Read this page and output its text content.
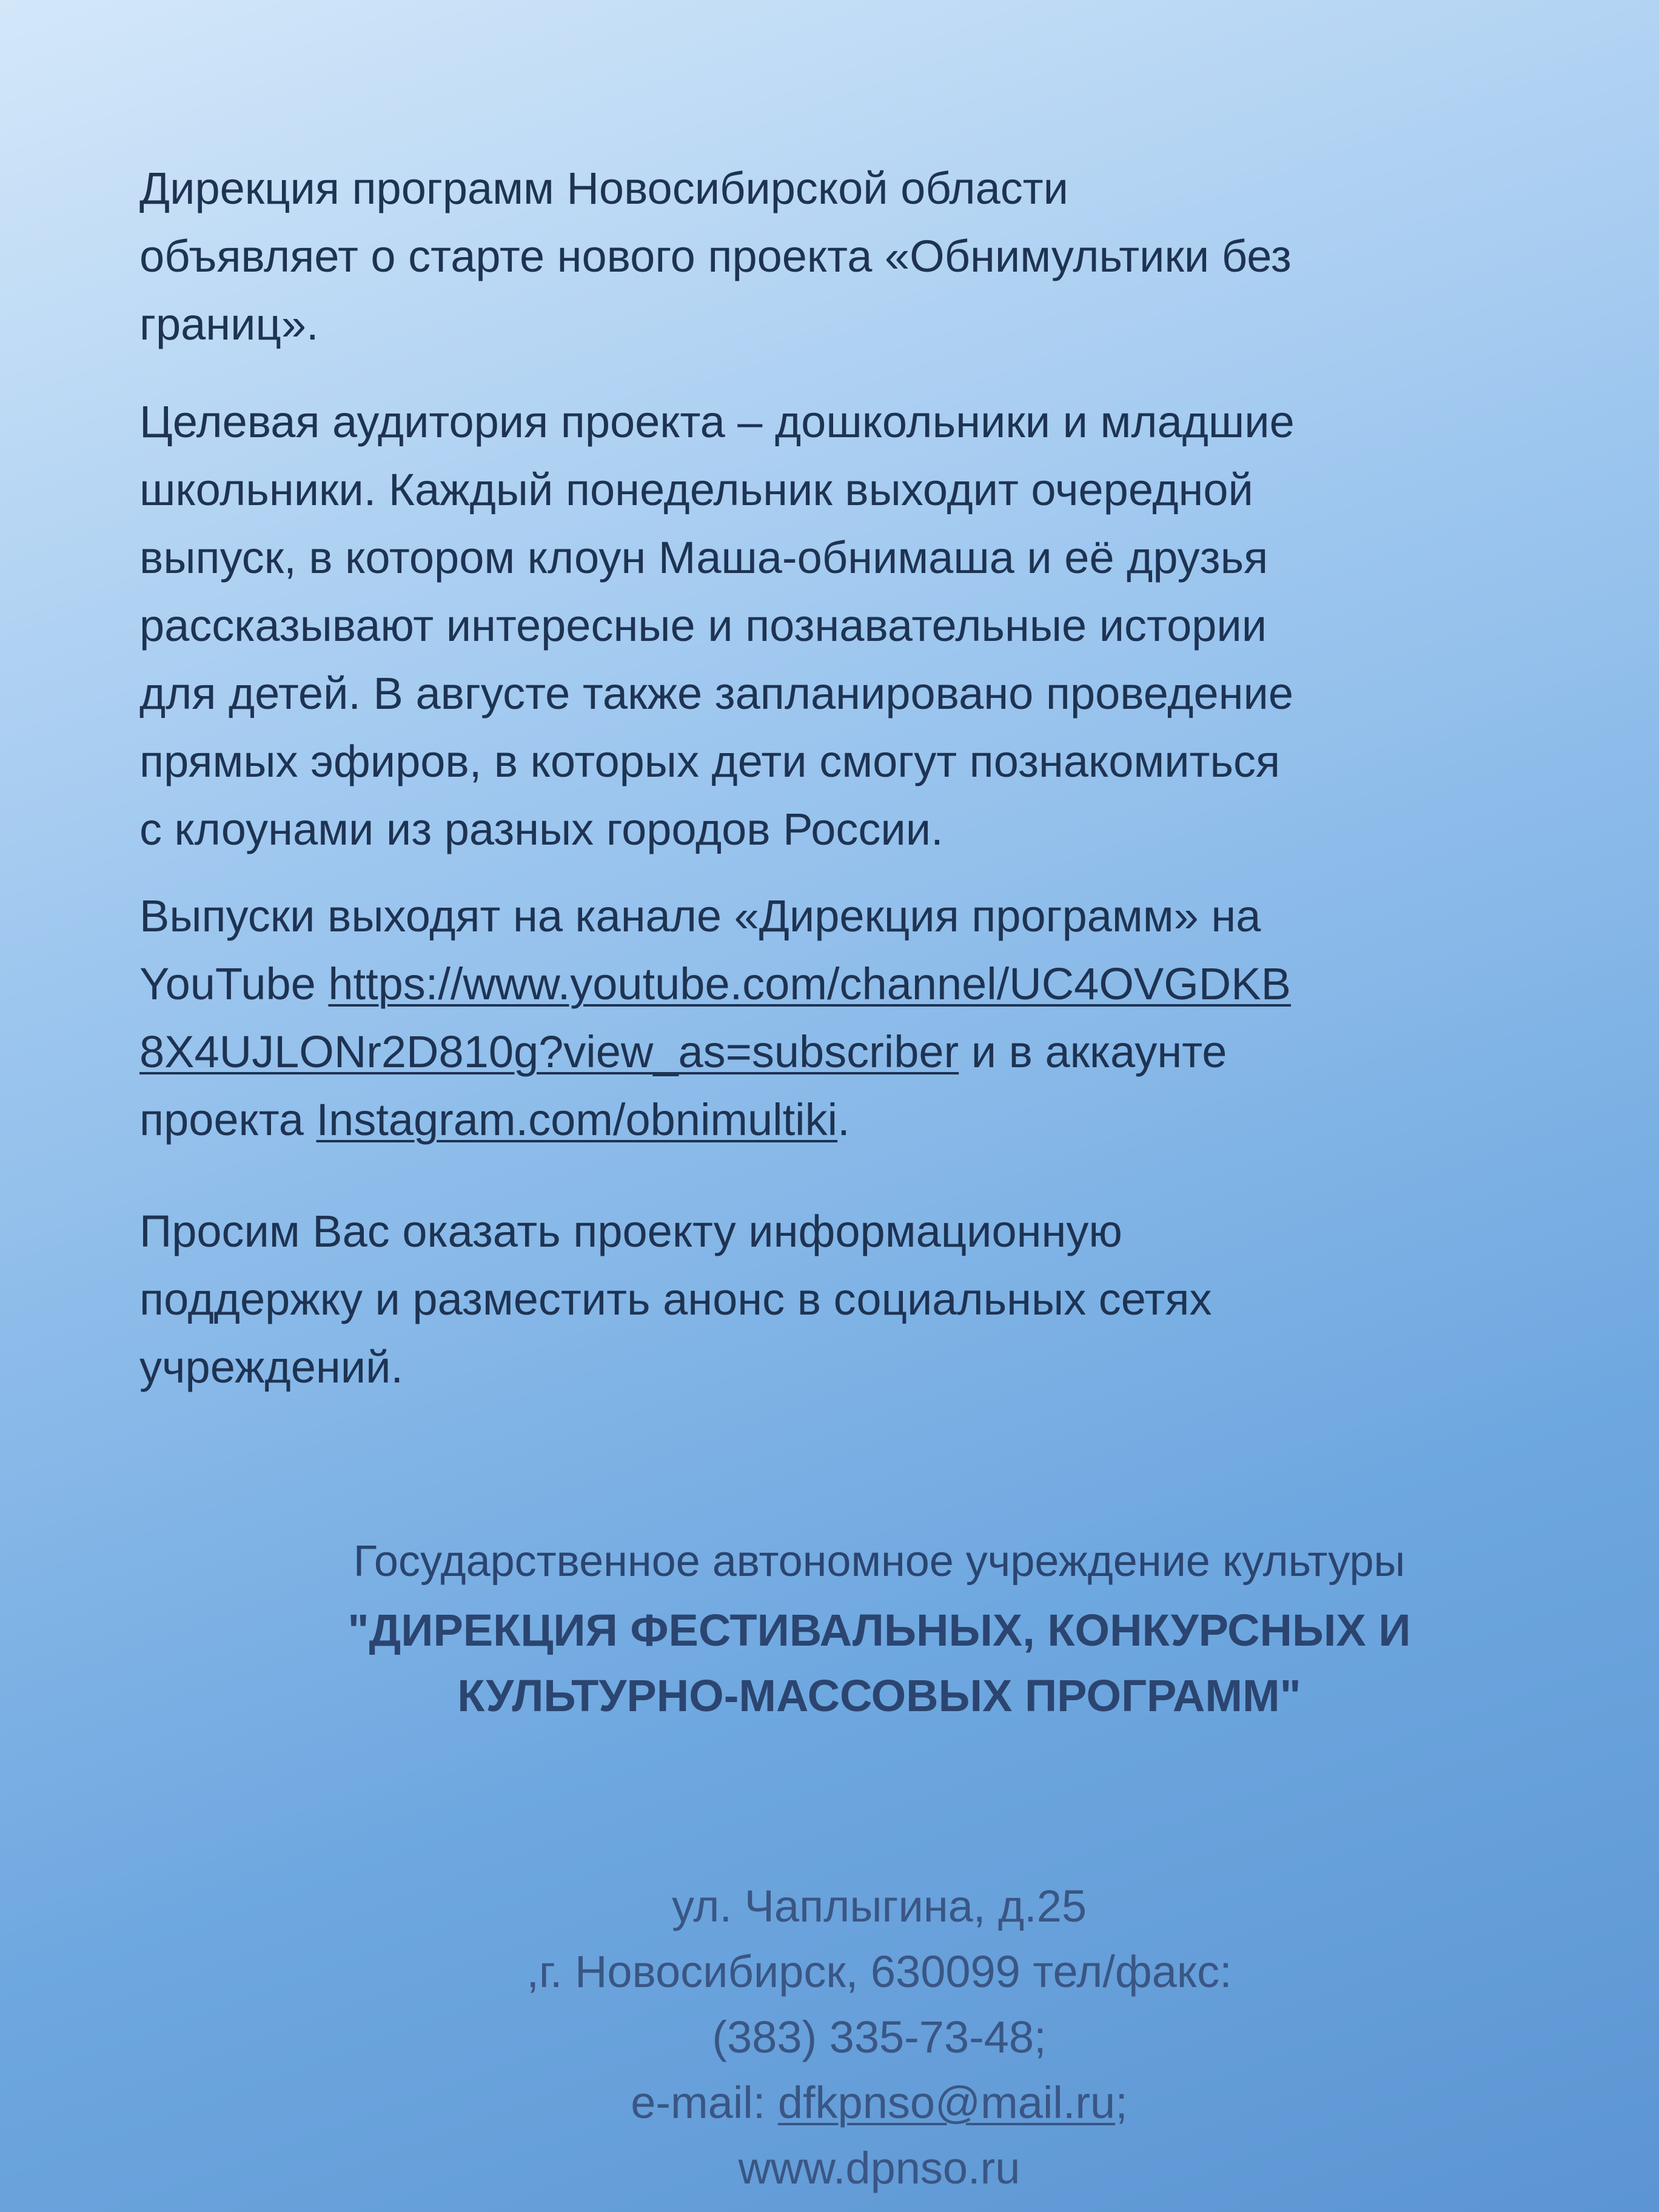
Дирекция программ Новосибирской области
объявляет о старте нового проекта «Обнимультики без
границ».
Целевая аудитория проекта – дошкольники и младшие
школьники. Каждый понедельник выходит очередной
выпуск, в котором клоун Маша-обнимаша и её друзья
рассказывают интересные и познавательные истории
для детей. В августе также запланировано проведение
прямых эфиров, в которых дети смогут познакомиться
с клоунами из разных городов России.
Выпуски выходят на канале «Дирекция программ» на
YouTube https://www.youtube.com/channel/UC4OVGDKB
8X4UJLONr2D810g?view_as=subscriber и в аккаунте
проекта Instagram.com/obnimultiki.
Просим Вас оказать проекту информационную
поддержку и разместить анонс в социальных сетях
учреждений.
Государственное автономное учреждение культуры
"ДИРЕКЦИЯ ФЕСТИВАЛЬНЫХ, КОНКУРСНЫХ И
КУЛЬТУРНО-МАССОВЫХ ПРОГРАММ"
ул. Чаплыгина, д.25
,г. Новосибирск, 630099 тел/факс:
(383) 335-73-48;
e-mail: dfkpnso@mail.ru;
www.dpnso.ru
